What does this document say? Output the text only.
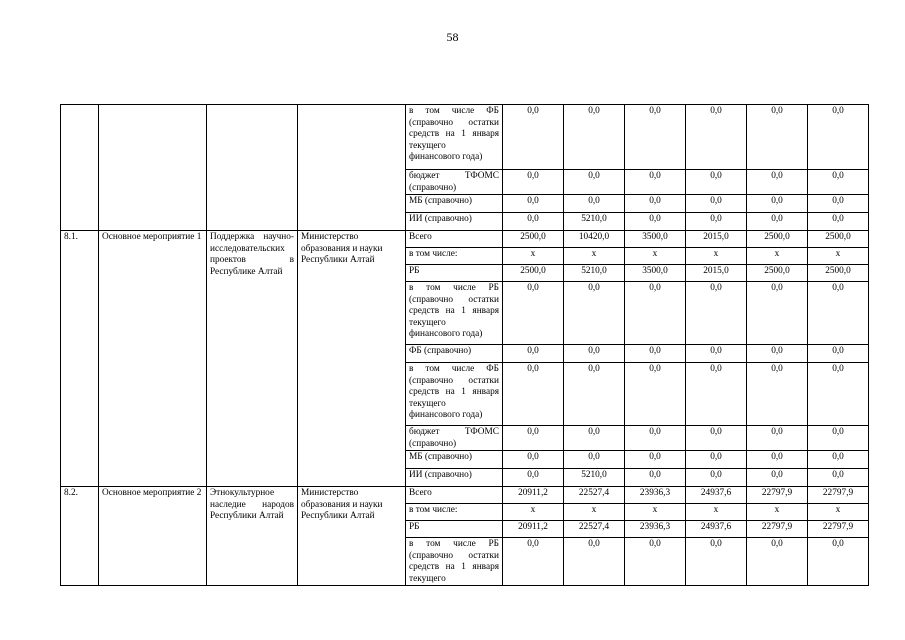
58
				в том числе ФБ (справочно остатки средств на 1 января текущего финансового года)	0,0	0,0	0,0	0,0	0,0	0,0
				бюджет ТФОМС (справочно)	0,0	0,0	0,0	0,0	0,0	0,0
				МБ (справочно)	0,0	0,0	0,0	0,0	0,0	0,0
				ИИ (справочно)	0,0	5210,0	0,0	0,0	0,0	0,0
8.1.	Основное мероприятие 1	Поддержка научно-исследовательских проектов в Республике Алтай	Министерство образования и науки Республики Алтай	Всего	2500,0	10420,0	3500,0	2015,0	2500,0	2500,0
				в том числе:	х	х	х	х	х	х
				РБ	2500,0	5210,0	3500,0	2015,0	2500,0	2500,0
				в том числе РБ (справочно остатки средств на 1 января текущего финансового года)	0,0	0,0	0,0	0,0	0,0	0,0
				ФБ (справочно)	0,0	0,0	0,0	0,0	0,0	0,0
				в том числе ФБ (справочно остатки средств на 1 января текущего финансового года)	0,0	0,0	0,0	0,0	0,0	0,0
				бюджет ТФОМС (справочно)	0,0	0,0	0,0	0,0	0,0	0,0
				МБ (справочно)	0,0	0,0	0,0	0,0	0,0	0,0
				ИИ (справочно)	0,0	5210,0	0,0	0,0	0,0	0,0
8.2.	Основное мероприятие 2	Этнокультурное наследие народов Республики Алтай	Министерство образования и науки Республики Алтай	Всего	20911,2	22527,4	23936,3	24937,6	22797,9	22797,9
				в том числе:	х	х	х	х	х	х
				РБ	20911,2	22527,4	23936,3	24937,6	22797,9	22797,9
				в том числе РБ (справочно остатки средств на 1 января текущего	0,0	0,0	0,0	0,0	0,0	0,0
